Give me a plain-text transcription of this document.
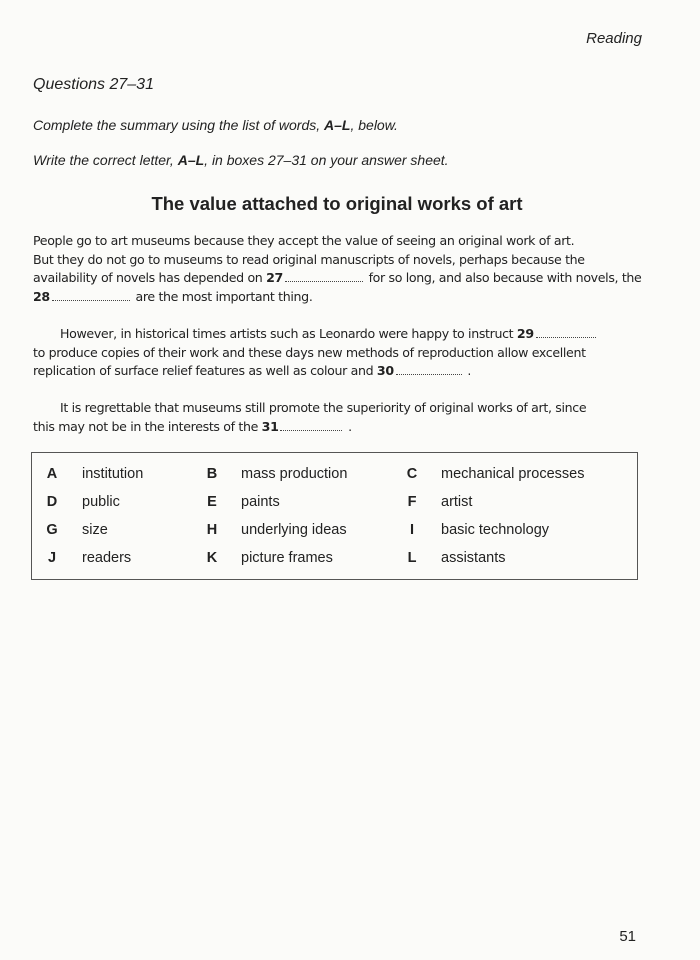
Reading
Questions 27–31
Complete the summary using the list of words, A–L, below.
Write the correct letter, A–L, in boxes 27–31 on your answer sheet.
The value attached to original works of art
People go to art museums because they accept the value of seeing an original work of art.
But they do not go to museums to read original manuscripts of novels, perhaps because the
availability of novels has depended on 27	for so long, and also because with novels, the
28	are the most important thing.
However, in historical times artists such as Leonardo were happy to instruct 29
to produce copies of their work and these days new methods of reproduction allow excellent
replication of surface relief features as well as colour and 30	.
It is regrettable that museums still promote the superiority of original works of art, since
this may not be in the interests of the 31	.
A	institution	B	mass production	C	mechanical processes
D	public	E	paints	F	artist
G	size	H	underlying ideas	I	basic technology
J	readers	K	picture frames	L	assistants
51
